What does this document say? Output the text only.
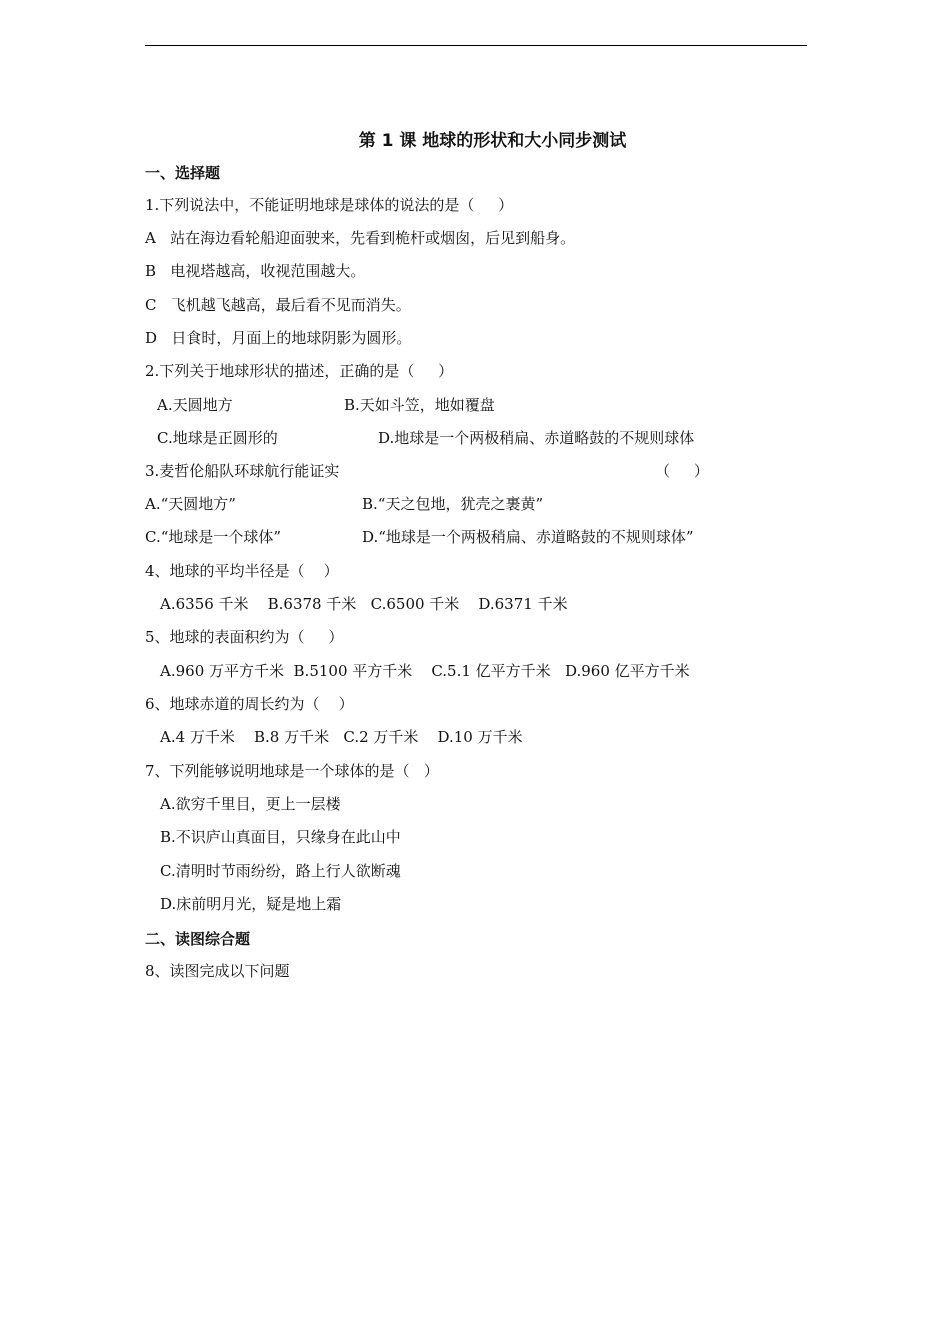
第 1 课 地球的形状和大小同步测试
一、选择题
1.下列说法中，不能证明地球是球体的说法的是（     ）
A   站在海边看轮船迎面驶来，先看到桅杆或烟囱，后见到船身。
B   电视塔越高，收视范围越大。
C   飞机越飞越高，最后看不见而消失。
D   日食时，月面上的地球阴影为圆形。
2.下列关于地球形状的描述，正确的是（     ）
A.天圆地方	B.天如斗笠，地如覆盘
C.地球是正圆形的	D.地球是一个两极稍扁、赤道略鼓的不规则球体
3.麦哲伦船队环球航行能证实	（     ）
A.“天圆地方”	B.“天之包地，犹壳之裹黄”
C.“地球是一个球体”	D.“地球是一个两极稍扁、赤道略鼓的不规则球体”
4、地球的平均半径是（    ）
A.6356 千米    B.6378 千米   C.6500 千米    D.6371 千米
5、地球的表面积约为（     ）
A.960 万平方千米  B.5100 平方千米    C.5.1 亿平方千米   D.960 亿平方千米
6、地球赤道的周长约为（    ）
A.4 万千米    B.8 万千米   C.2 万千米    D.10 万千米
7、下列能够说明地球是一个球体的是（   ）
A.欲穷千里目，更上一层楼
B.不识庐山真面目，只缘身在此山中
C.清明时节雨纷纷，路上行人欲断魂
D.床前明月光，疑是地上霜
二、读图综合题
8、读图完成以下问题
